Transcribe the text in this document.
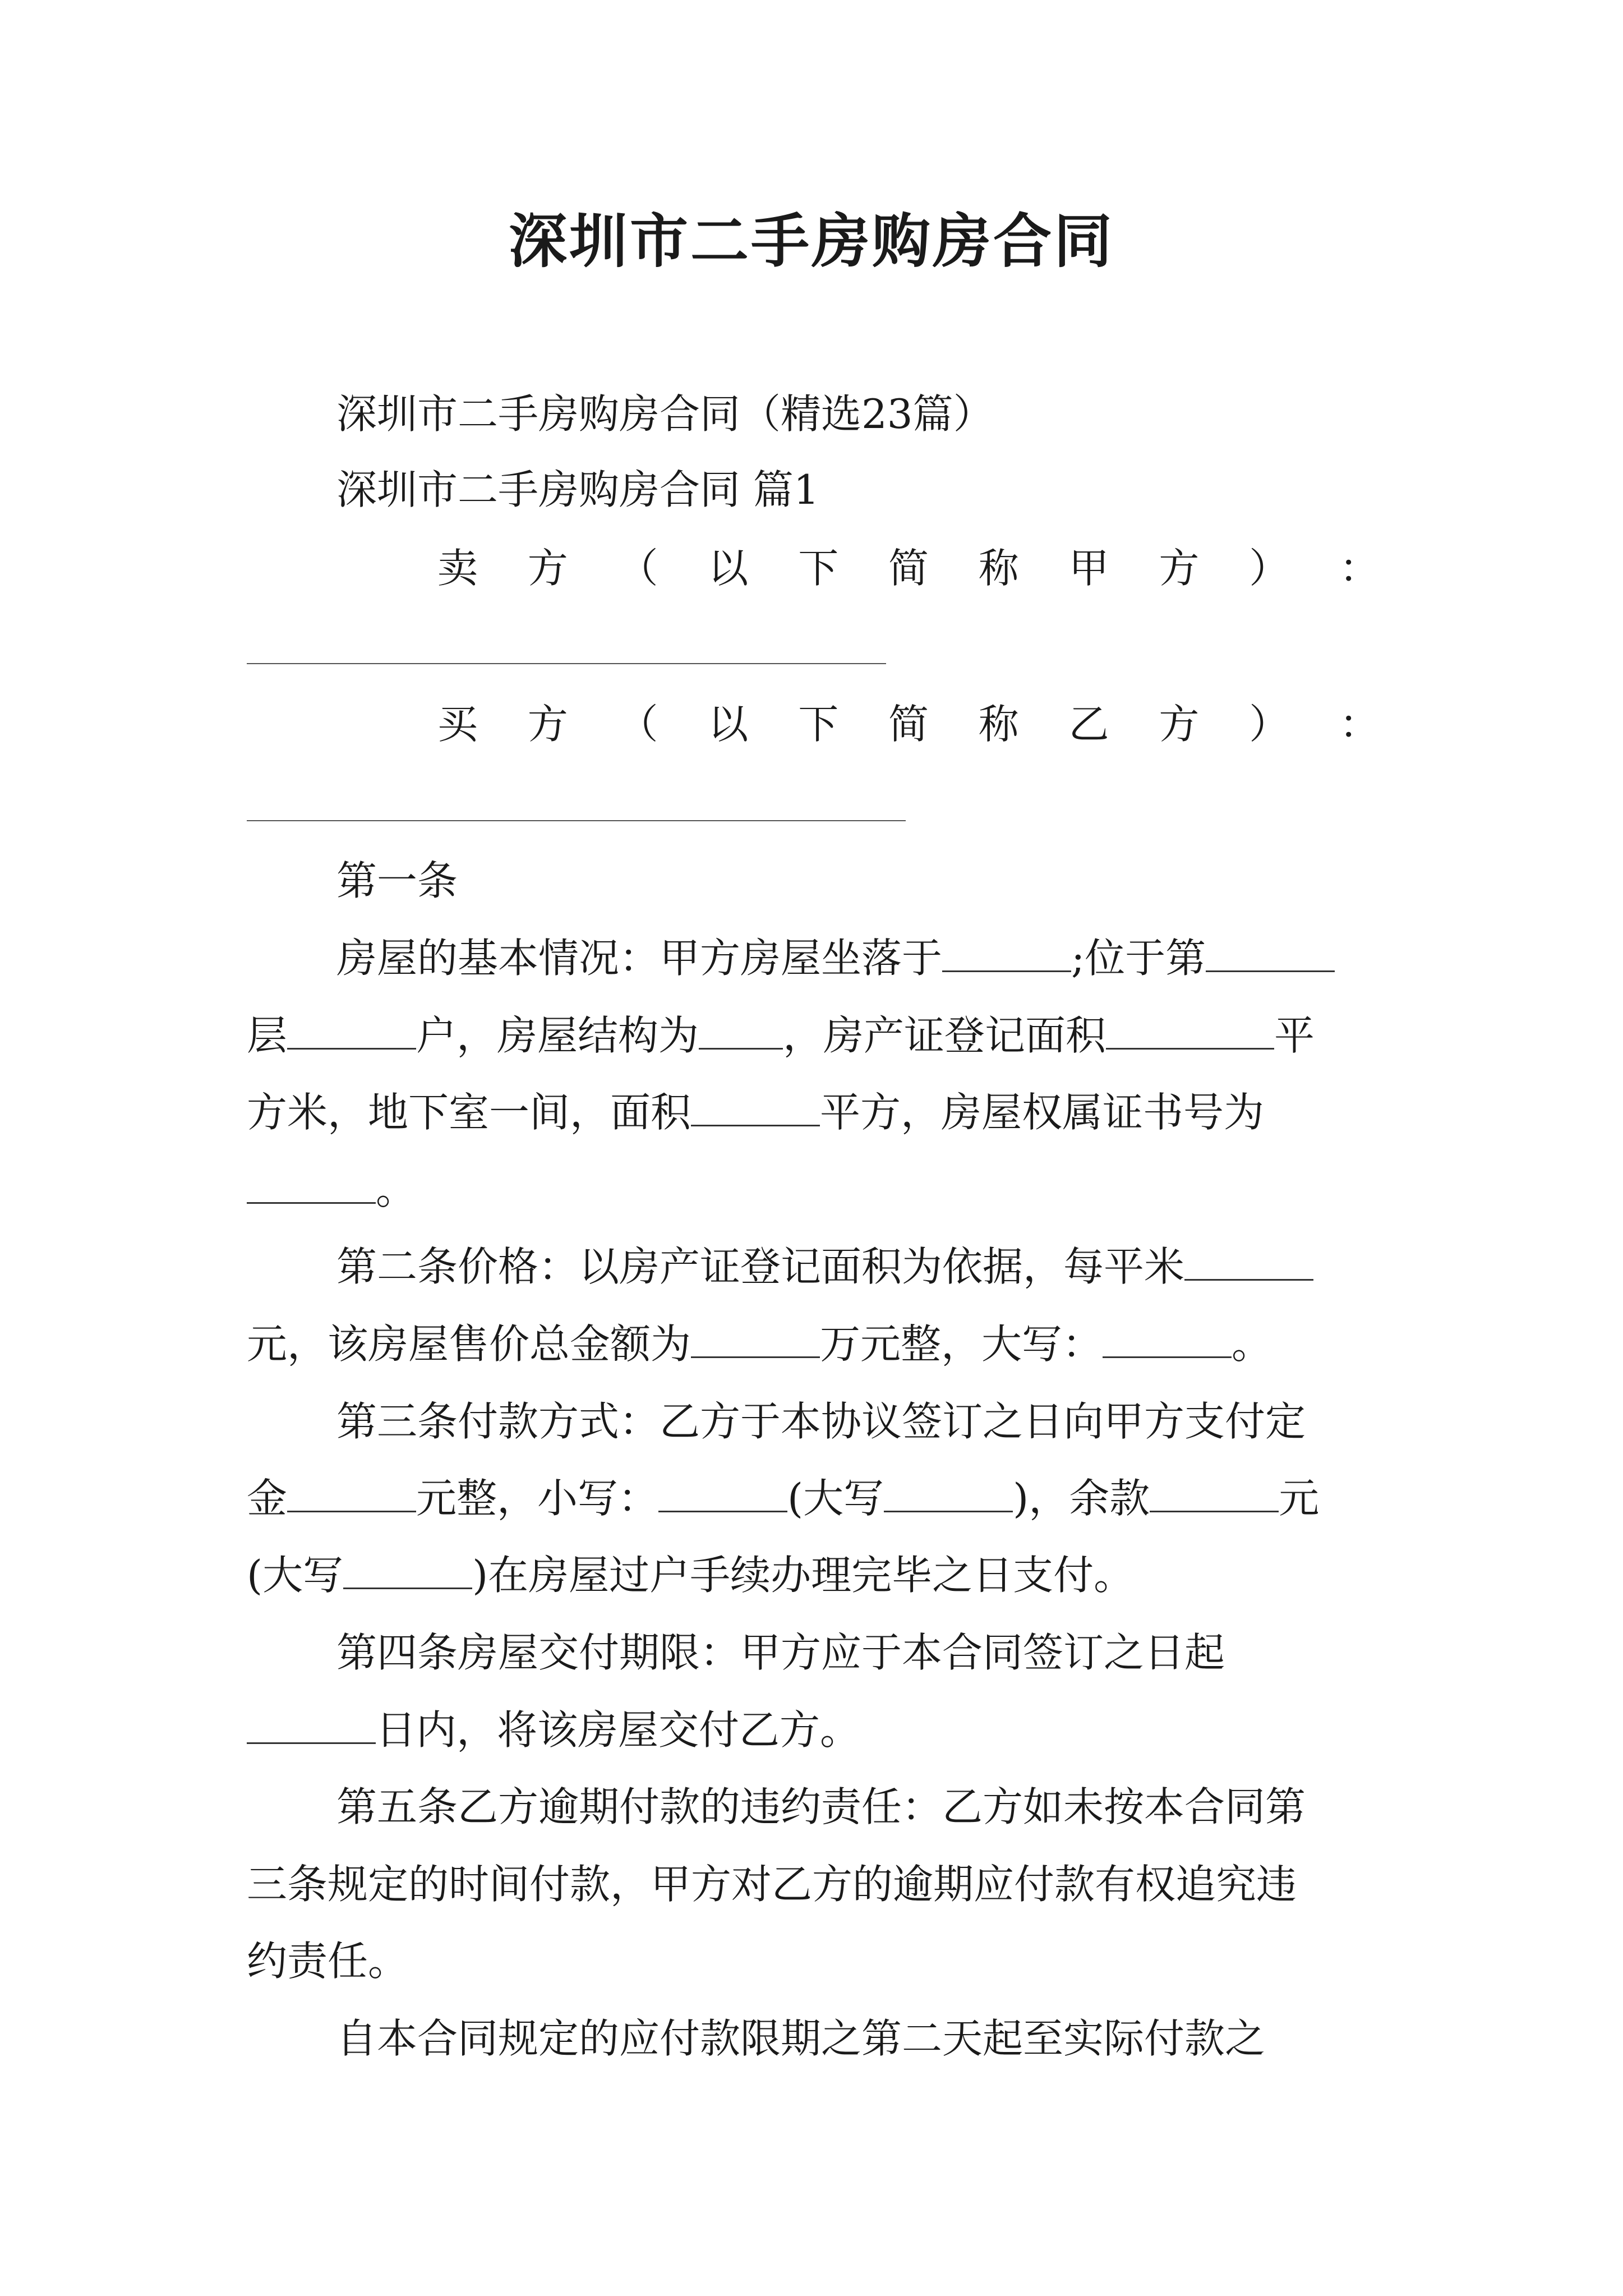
深圳市二手房购房合同
深圳市二手房购房合同（精选23篇）
深圳市二手房购房合同 篇1
卖 方 （ 以 下 简 称 甲 方 ） ：
买 方 （ 以 下 简 称 乙 方 ） ：
第一条
房屋的基本情况：甲方房屋坐落于	;位于第
层	户，房屋结构为 ，房产证登记面积	平
方米，地下室一间，面积	平方，房屋权属证书号为
。
第二条价格：以房产证登记面积为依据，每平米
元，该房屋售价总金额为	万元整，大写：	。
第三条付款方式：乙方于本协议签订之日向甲方支付定
金	元整，小写：	(大写	)，余款	元
(大写	)在房屋过户手续办理完毕之日支付。
第四条房屋交付期限：甲方应于本合同签订之日起
日内，将该房屋交付乙方。
第五条乙方逾期付款的违约责任：乙方如未按本合同第
三条规定的时间付款，甲方对乙方的逾期应付款有权追究违
约责任。
自本合同规定的应付款限期之第二天起至实际付款之
